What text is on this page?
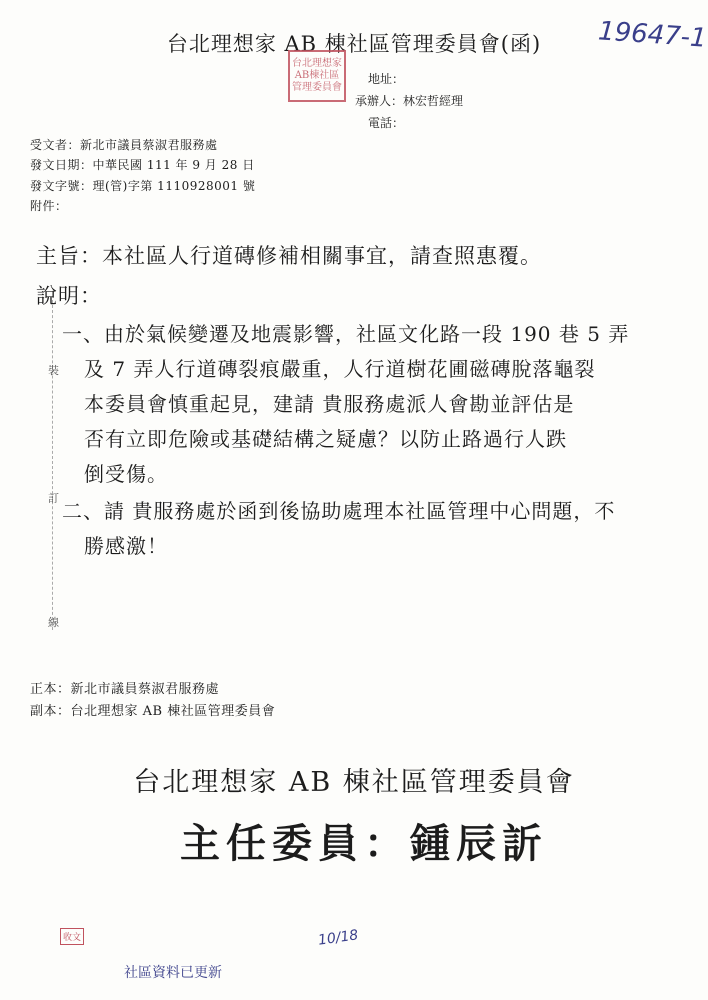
台北理想家 AB 棟社區管理委員會(函)	19647-1
台北理想家AB棟社區管理委員會
地址：
承辦人：林宏哲經理
電話：
受文者：新北市議員蔡淑君服務處
發文日期：中華民國 111 年 9 月 28 日
發文字號：理(管)字第 1110928001 號
附件：
主旨：本社區人行道磚修補相關事宜，請查照惠覆。
說明：
一、由於氣候變遷及地震影響，社區文化路一段 190 巷 5 弄
及 7 弄人行道磚裂痕嚴重，人行道樹花圃磁磚脫落龜裂
本委員會慎重起見，建請 貴服務處派人會勘並評估是
否有立即危險或基礎結構之疑慮？以防止路過行人跌
倒受傷。
二、請 貴服務處於函到後協助處理本社區管理中心問題，不
勝感激！
裝
訂
線
正本：新北市議員蔡淑君服務處
副本：台北理想家 AB 棟社區管理委員會
台北理想家 AB 棟社區管理委員會
主任委員：鍾辰訢
收文
社區資料已更新
10/18
